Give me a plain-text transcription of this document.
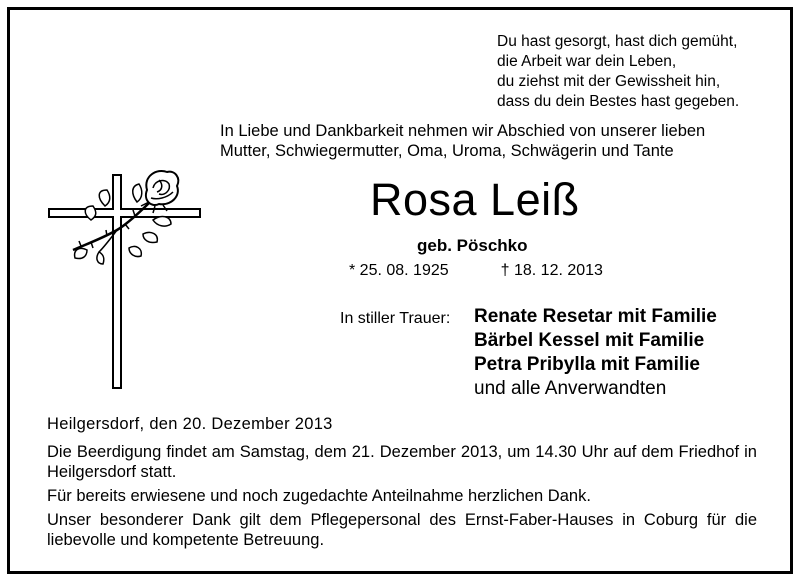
Du hast gesorgt, hast dich gemüht,
die Arbeit war dein Leben,
du ziehst mit der Gewissheit hin,
dass du dein Bestes hast gegeben.
In Liebe und Dankbarkeit nehmen wir Abschied von unserer lieben
Mutter, Schwiegermutter, Oma, Uroma, Schwägerin und Tante
Rosa Leiß
geb. Pöschko
* 25. 08. 1925	† 18. 12. 2013
In stiller Trauer: Renate Resetar mit Familie
Bärbel Kessel mit Familie
Petra Pribylla mit Familie
und alle Anverwandten

Heilgersdorf, den 20. Dezember 2013

Die Beerdigung findet am Samstag, dem 21. Dezember 2013, um 14.30 Uhr auf dem Friedhof in Heilgersdorf statt.

Für bereits erwiesene und noch zugedachte Anteilnahme herzlichen Dank.

Unser besonderer Dank gilt dem Pflegepersonal des Ernst-Faber-Hauses in Coburg für die liebevolle und kompetente Betreuung.
